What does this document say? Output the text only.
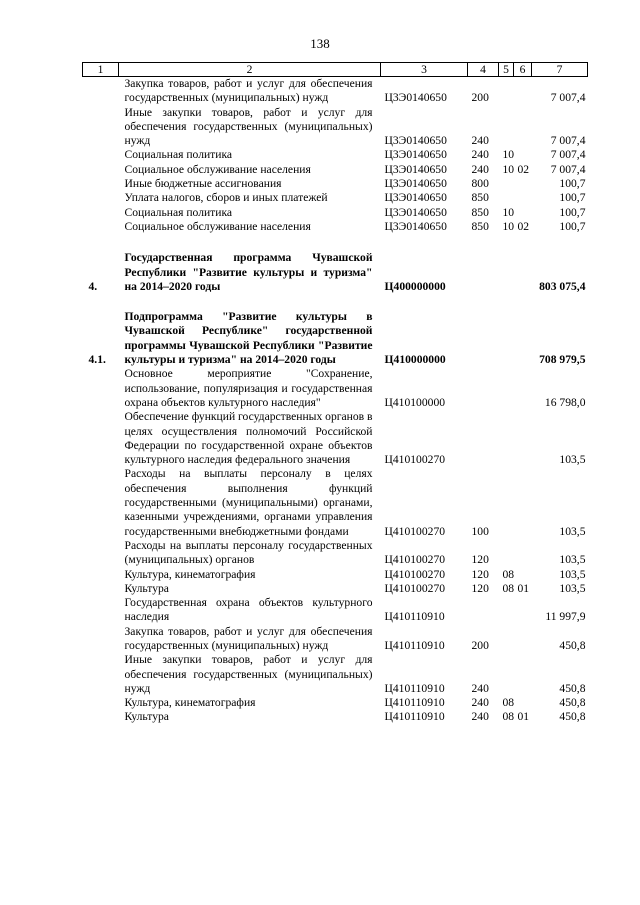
138
1	2	3	4	5	6	7
	Закупка товаров, работ и услуг для обеспечения государственных (муниципальных) нужд	Ц3Э0140650	200			7 007,4
	Иные закупки товаров, работ и услуг для обеспечения государственных (муниципальных) нужд	Ц3Э0140650	240			7 007,4
	Социальная политика	Ц3Э0140650	240	10		7 007,4
	Социальное обслуживание населения	Ц3Э0140650	240	10	02	7 007,4
	Иные бюджетные ассигнования	Ц3Э0140650	800			100,7
	Уплата налогов, сборов и иных платежей	Ц3Э0140650	850			100,7
	Социальная политика	Ц3Э0140650	850	10		100,7
	Социальное обслуживание населения	Ц3Э0140650	850	10	02	100,7

4.	Государственная программа Чувашской Республики "Развитие культуры и туризма" на 2014–2020 годы	Ц400000000				803 075,4

4.1.	Подпрограмма "Развитие культуры в Чувашской Республике" государственной программы Чувашской Республики "Развитие культуры и туризма" на 2014–2020 годы	Ц410000000				708 979,5
	Основное мероприятие "Сохранение, использование, популяризация и государственная охрана объектов культурного наследия"	Ц410100000				16 798,0
	Обеспечение функций государственных органов в целях осуществления полномочий Российской Федерации по государственной охране объектов культурного наследия федерального значения	Ц410100270				103,5
	Расходы на выплаты персоналу в целях обеспечения выполнения функций государственными (муниципальными) органами, казенными учреждениями, органами управления государственными внебюджетными фондами	Ц410100270	100			103,5
	Расходы на выплаты персоналу государственных (муниципальных) органов	Ц410100270	120			103,5
	Культура, кинематография	Ц410100270	120	08		103,5
	Культура	Ц410100270	120	08	01	103,5
	Государственная охрана объектов культурного наследия	Ц410110910				11 997,9
	Закупка товаров, работ и услуг для обеспечения государственных (муниципальных) нужд	Ц410110910	200			450,8
	Иные закупки товаров, работ и услуг для обеспечения государственных (муниципальных) нужд	Ц410110910	240			450,8
	Культура, кинематография	Ц410110910	240	08		450,8
	Культура	Ц410110910	240	08	01	450,8
